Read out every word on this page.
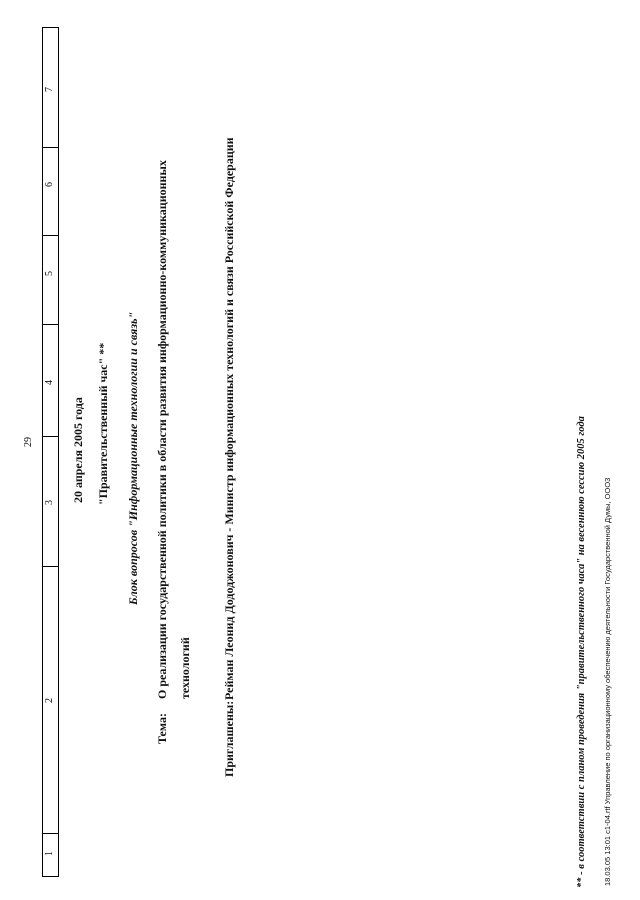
29
1
2
3
4
5
6
7
20 апреля 2005 года "Правительственный час" ** Блок вопросов "Информационные технологии и связь"
Тема:
О реализации государственной политики в области развития информационно-коммуникационных технологий
Приглашены:
Рейман Леонид Дододжонович - Министр информационных технологий и связи Российской Федерации	** - в соответствии с планом проведения "правительственного часа" на весеннюю сессию 2005 года 18.03.05 13:01 c1-04.rtf Управление по организационному обеспечению деятельности Государственной Думы, ООО3
